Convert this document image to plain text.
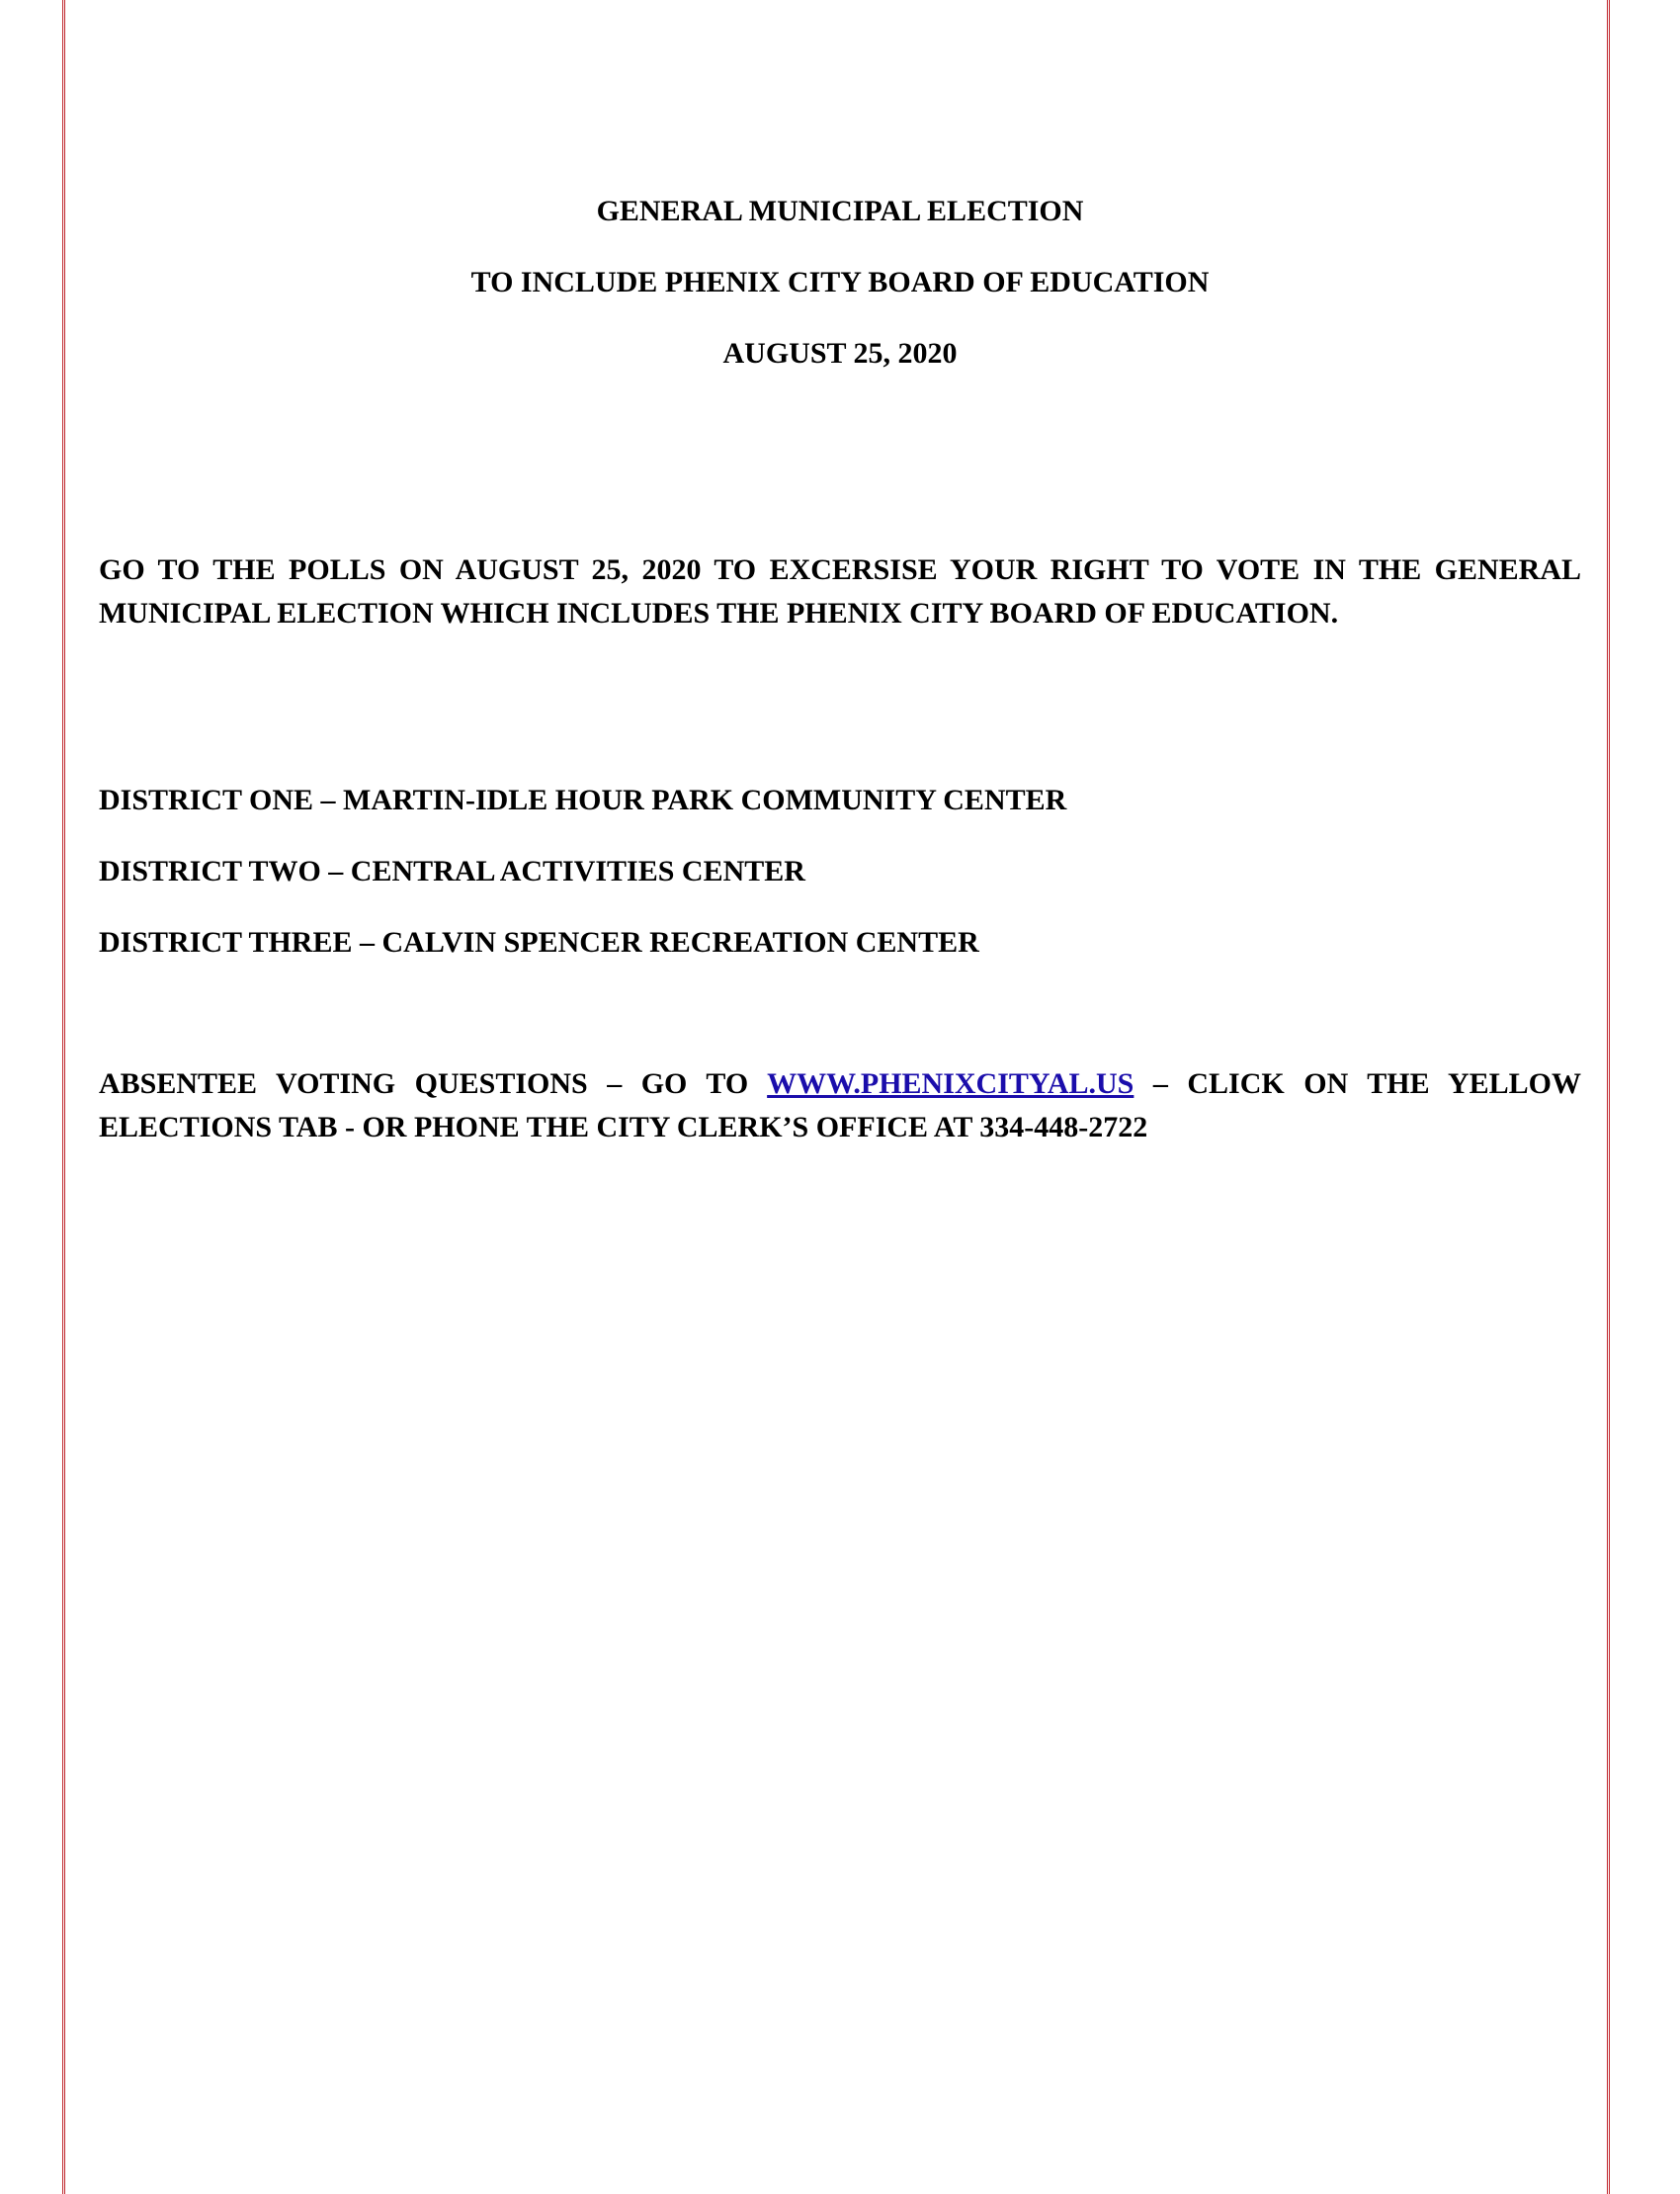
GENERAL MUNICIPAL ELECTION

TO INCLUDE PHENIX CITY BOARD OF EDUCATION

AUGUST 25, 2020

GO TO THE POLLS ON AUGUST 25, 2020 TO EXCERSISE YOUR RIGHT TO VOTE IN THE GENERAL MUNICIPAL ELECTION WHICH INCLUDES THE PHENIX CITY BOARD OF EDUCATION.

DISTRICT ONE – MARTIN-IDLE HOUR PARK COMMUNITY CENTER

DISTRICT TWO – CENTRAL ACTIVITIES CENTER

DISTRICT THREE – CALVIN SPENCER RECREATION CENTER

ABSENTEE VOTING QUESTIONS – GO TO WWW.PHENIXCITYAL.US – CLICK ON THE YELLOW ELECTIONS TAB - OR PHONE THE CITY CLERK’S OFFICE AT 334-448-2722
